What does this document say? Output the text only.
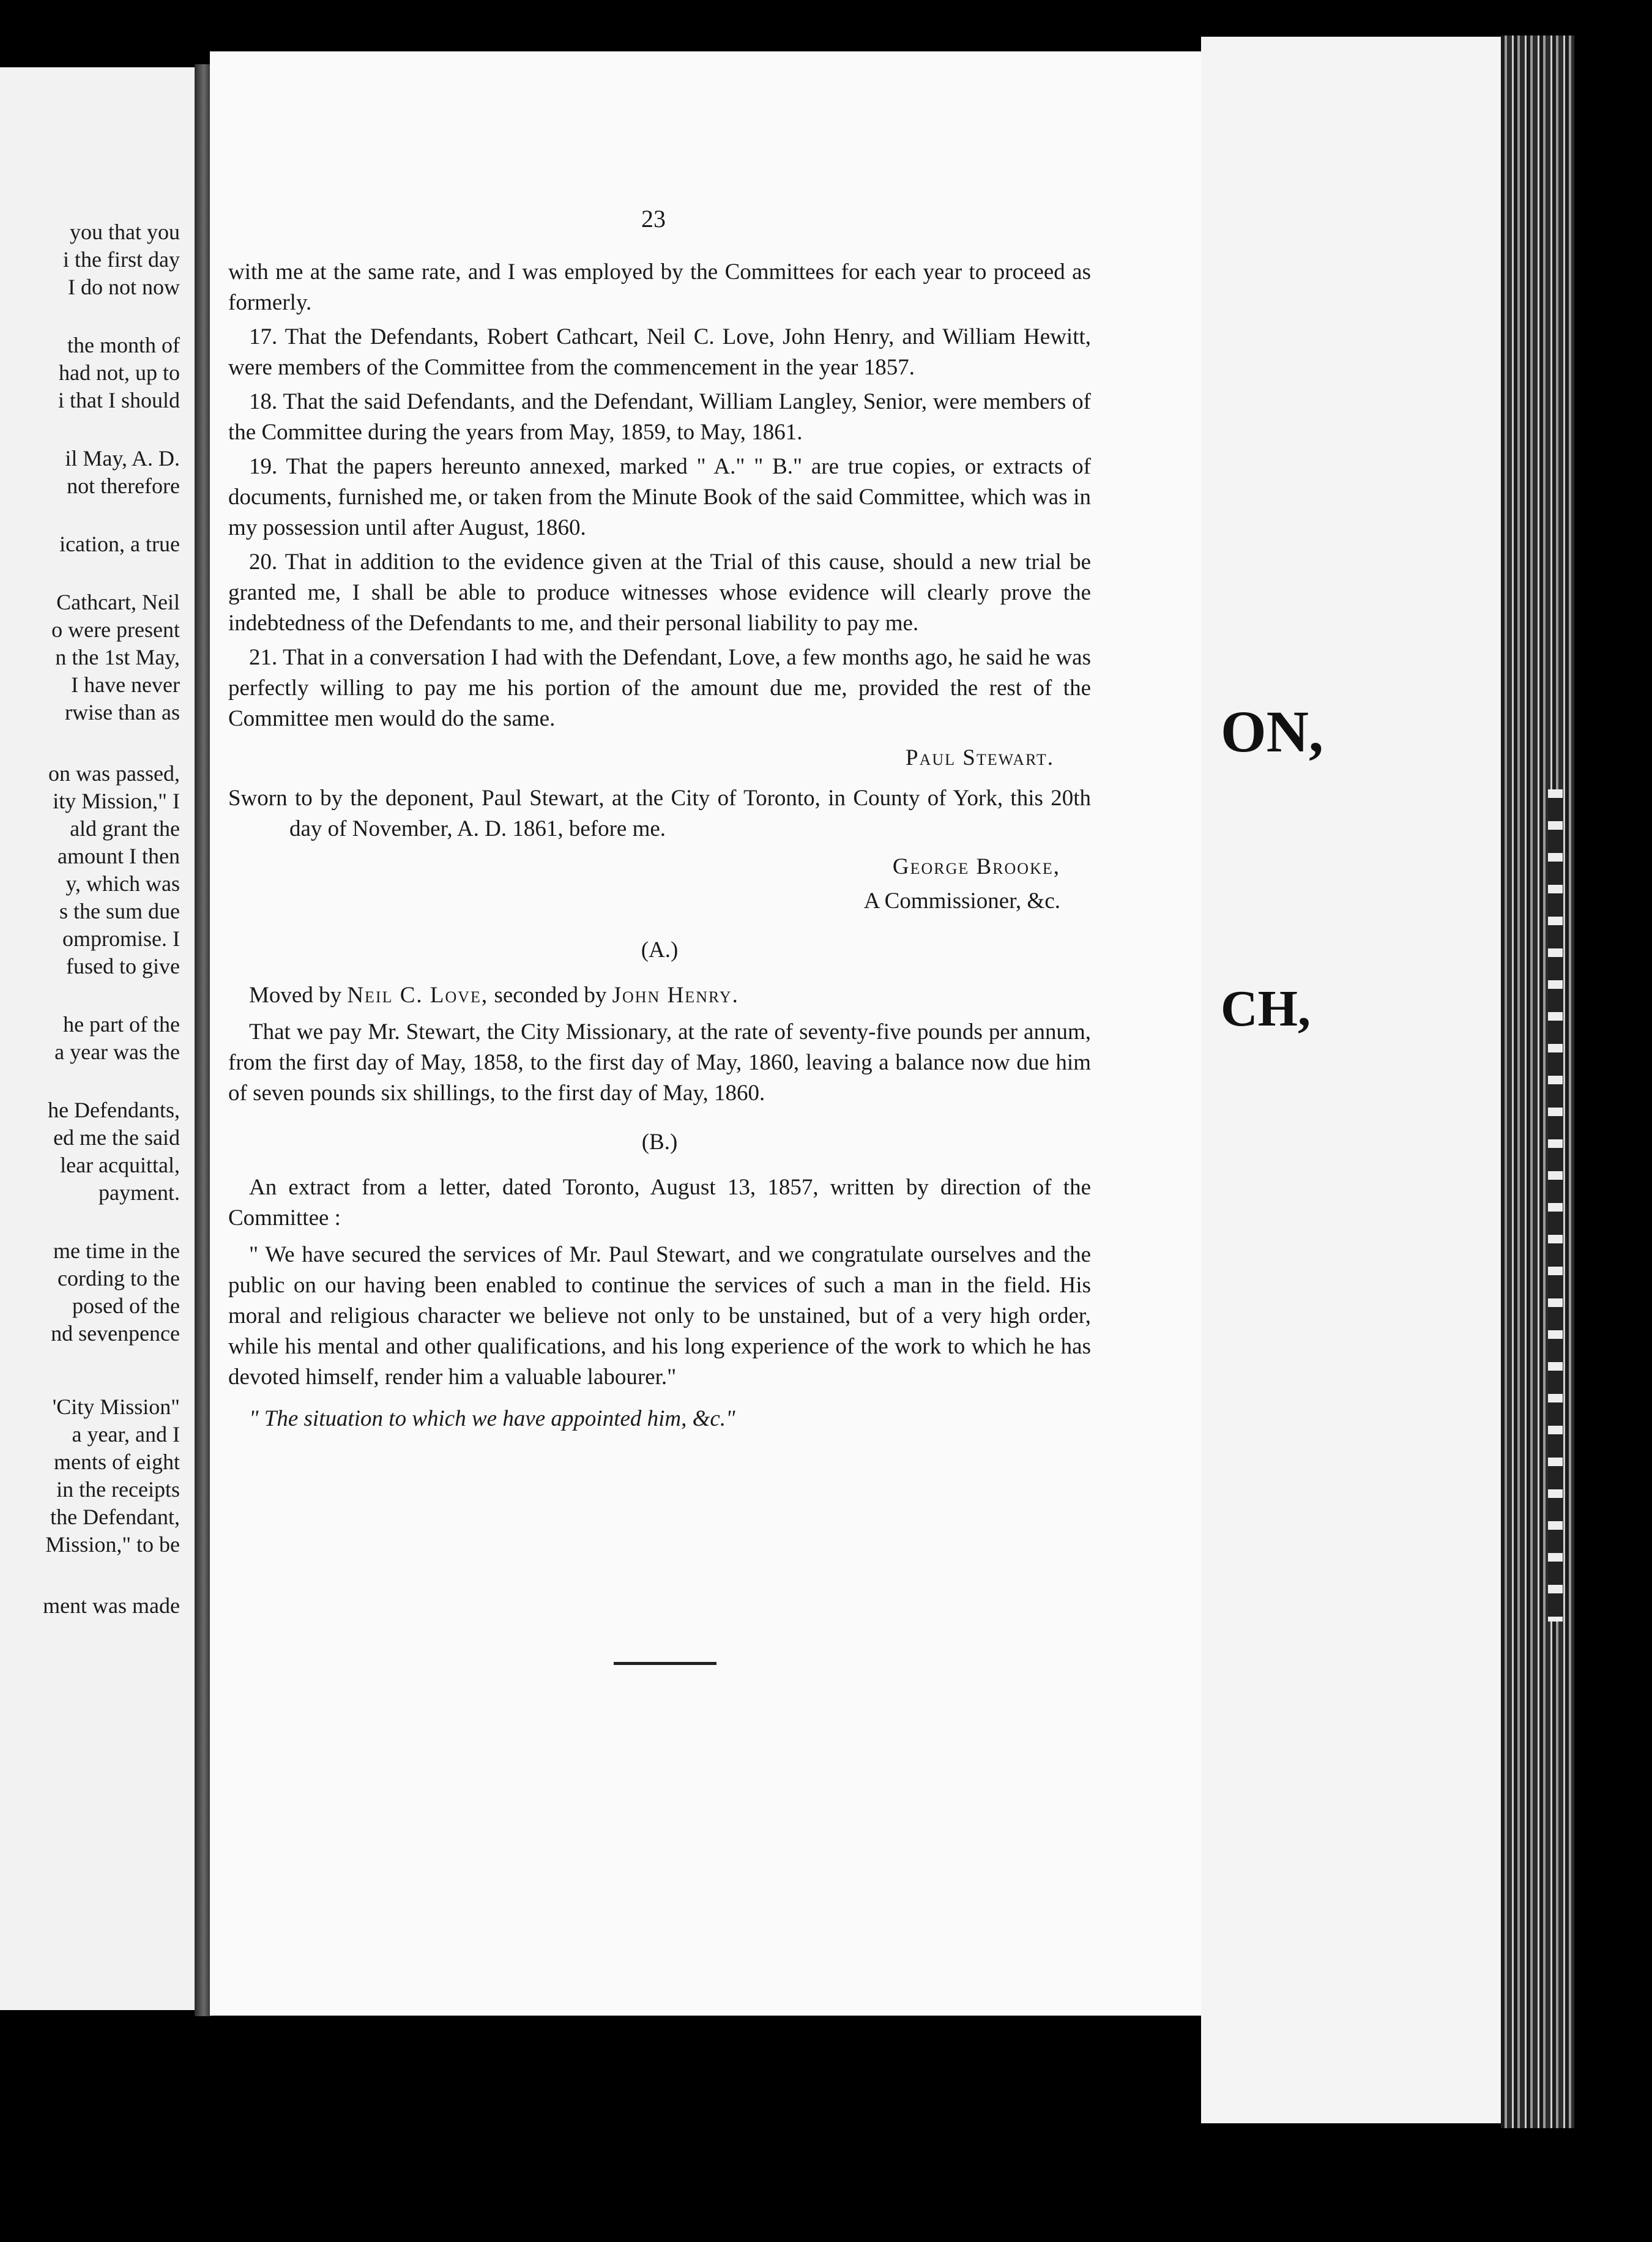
you that you
i the first day
I do not now
the month of
had not, up to
i that I should
il May, A. D.
not therefore
ication, a true
Cathcart, Neil
o were present
n the 1st May,
I have never
rwise than as
on was passed,
ity Mission," I
ald grant the
amount I then
y, which was
s the sum due
ompromise. I
fused to give
he part of the
a year was the
he Defendants,
ed me the said
lear acquittal,
payment.
me time in the
cording to the
posed of the
nd sevenpence
'City Mission"
a year, and I
ments of eight
in the receipts
the Defendant,
Mission," to be
ment was made
23

with me at the same rate, and I was employed by the Committees for each year to proceed as formerly.

17. That the Defendants, Robert Cathcart, Neil C. Love, John Henry, and William Hewitt, were members of the Committee from the commencement in the year 1857.

18. That the said Defendants, and the Defendant, William Langley, Senior, were members of the Committee during the years from May, 1859, to May, 1861.

19. That the papers hereunto annexed, marked " A." " B." are true copies, or extracts of documents, furnished me, or taken from the Minute Book of the said Committee, which was in my possession until after August, 1860.

20. That in addition to the evidence given at the Trial of this cause, should a new trial be granted me, I shall be able to produce witnesses whose evidence will clearly prove the indebtedness of the Defendants to me, and their personal liability to pay me.

21. That in a conversation I had with the Defendant, Love, a few months ago, he said he was perfectly willing to pay me his portion of the amount due me, provided the rest of the Committee men would do the same.

Paul Stewart.

Sworn to by the deponent, Paul Stewart, at the City of Toronto, in County of York, this 20th day of November, A. D. 1861, before me.

George Brooke,

A Commissioner, &c.

(A.)

Moved by Neil C. Love, seconded by John Henry.

That we pay Mr. Stewart, the City Missionary, at the rate of seventy-five pounds per annum, from the first day of May, 1858, to the first day of May, 1860, leaving a balance now due him of seven pounds six shillings, to the first day of May, 1860.

(B.)

An extract from a letter, dated Toronto, August 13, 1857, written by direction of the Committee :

" We have secured the services of Mr. Paul Stewart, and we congratulate ourselves and the public on our having been enabled to continue the services of such a man in the field. His moral and religious character we believe not only to be unstained, but of a very high order, while his mental and other qualifications, and his long experience of the work to which he has devoted himself, render him a valuable labourer."

" The situation to which we have appointed him, &c."

ON,
CH,
